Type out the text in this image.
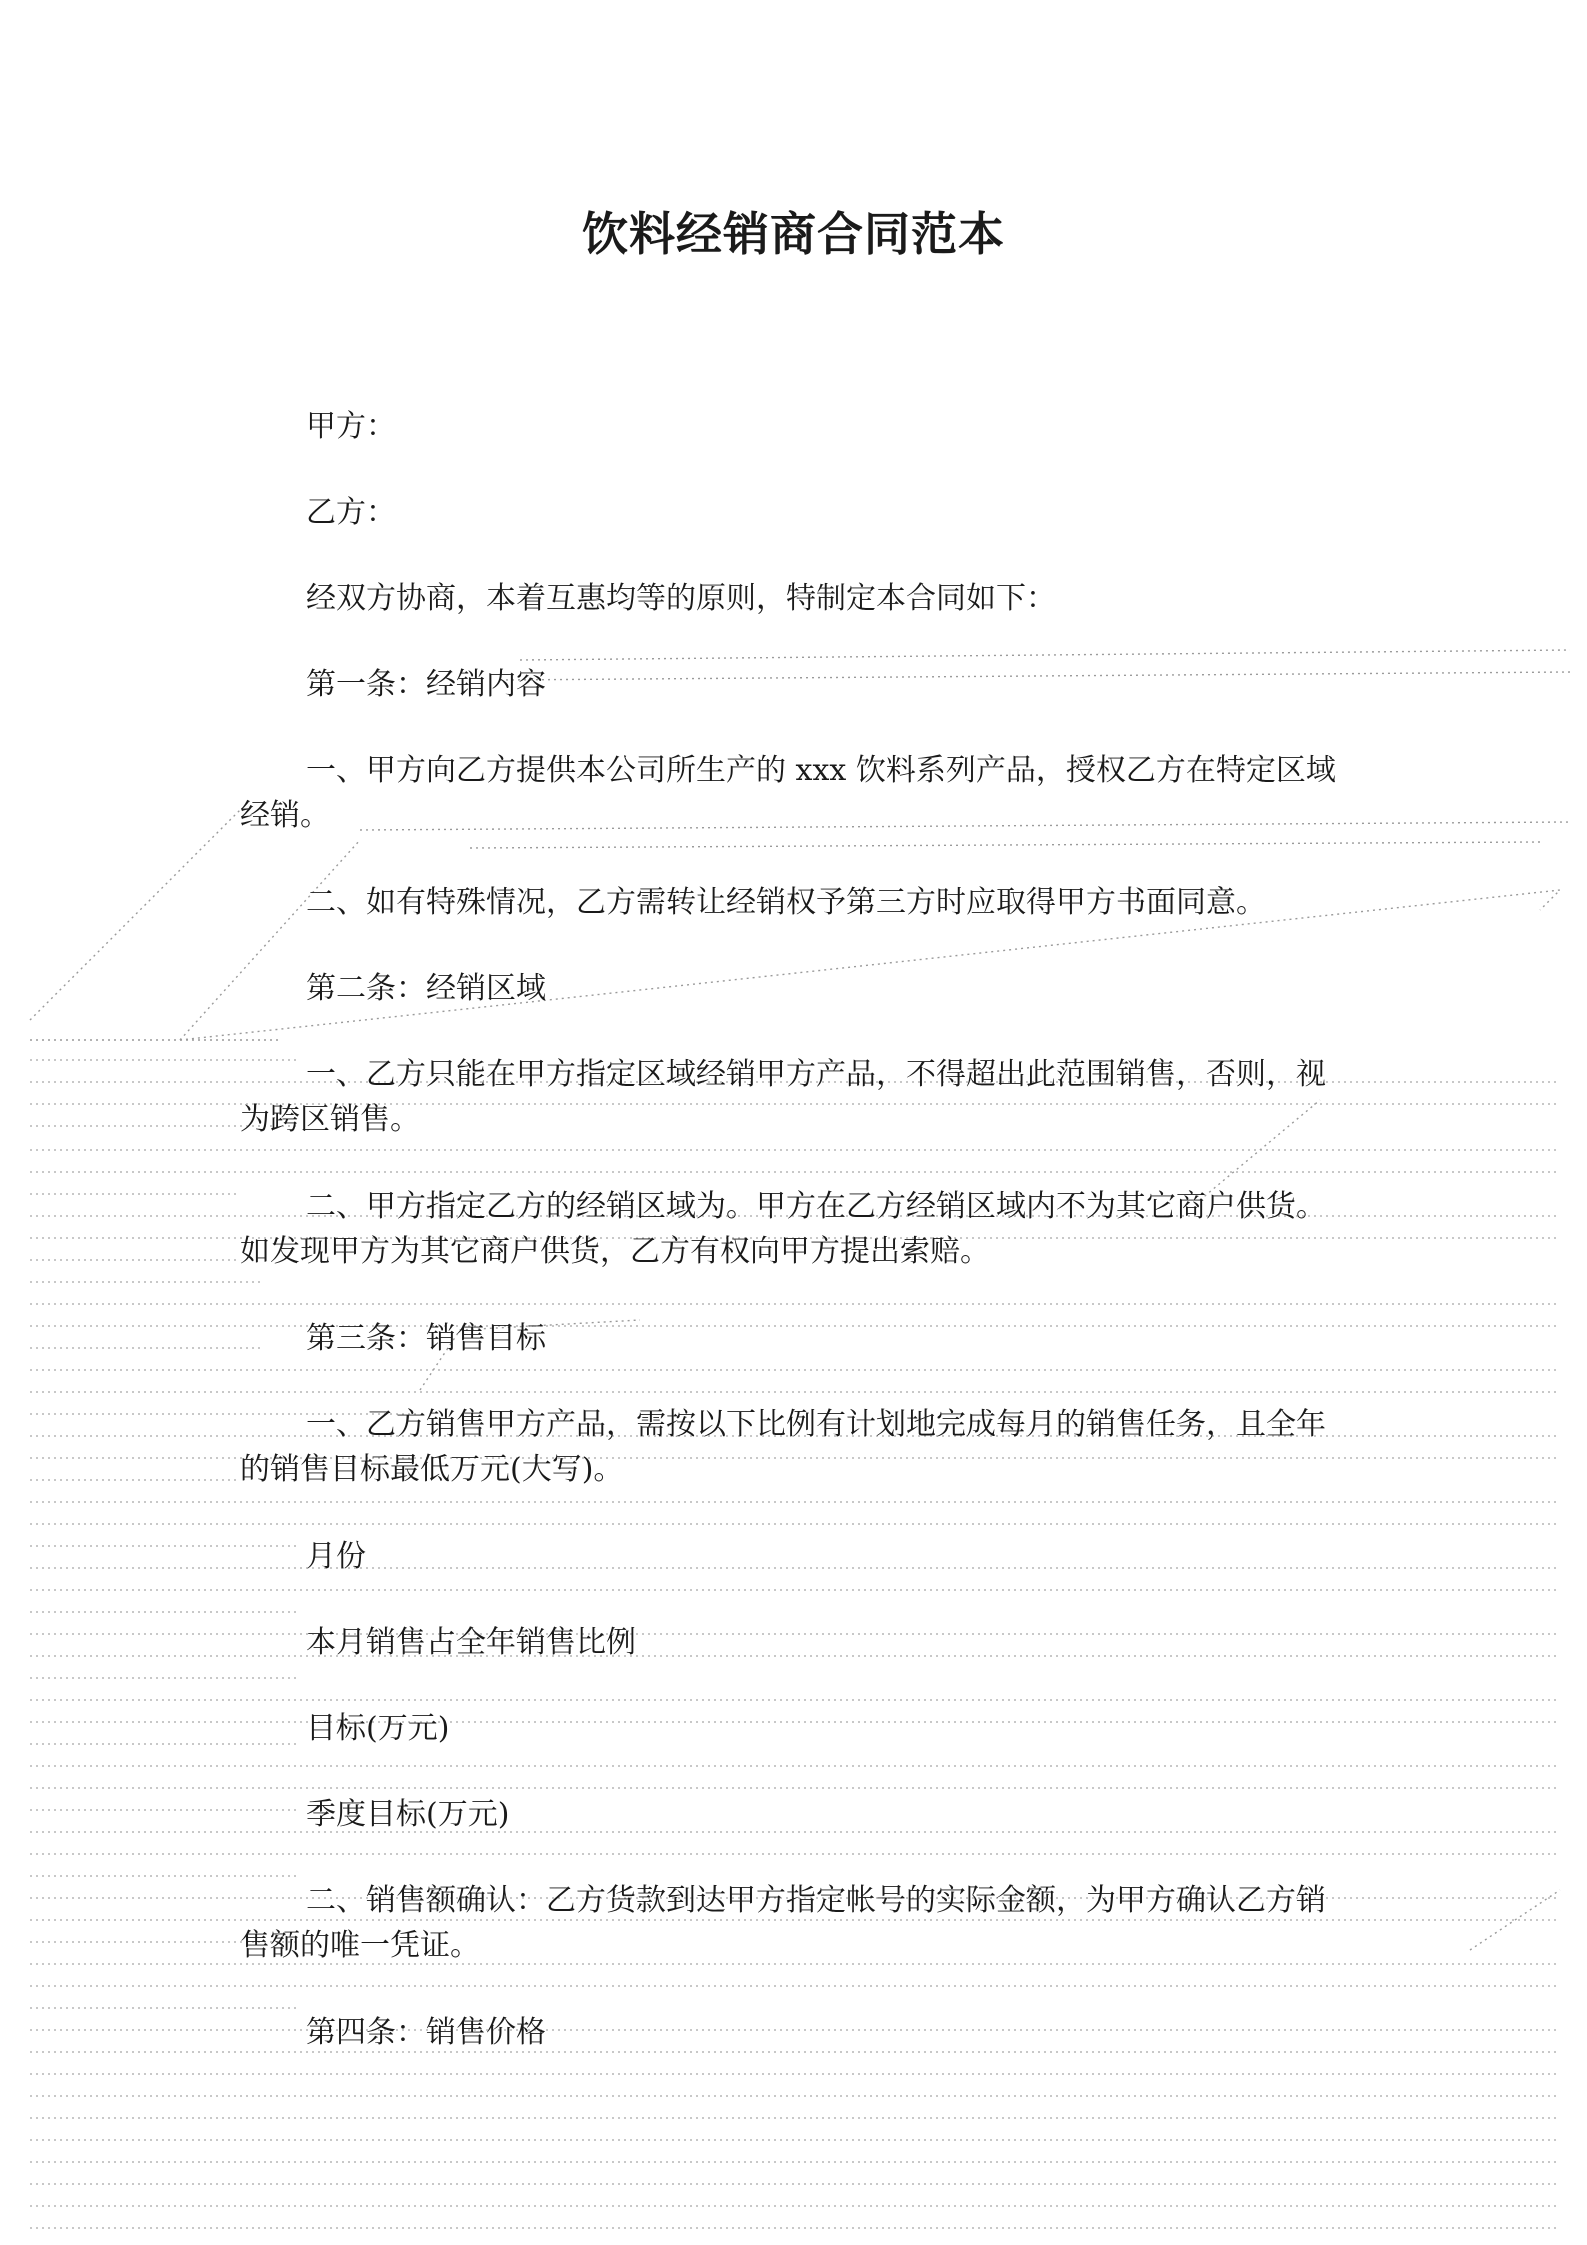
饮料经销商合同范本
甲方：
乙方：
经双方协商，本着互惠均等的原则，特制定本合同如下：
第一条：经销内容
一、甲方向乙方提供本公司所生产的 xxx 饮料系列产品，授权乙方在特定区域经销。
二、如有特殊情况，乙方需转让经销权予第三方时应取得甲方书面同意。
第二条：经销区域
一、乙方只能在甲方指定区域经销甲方产品，不得超出此范围销售，否则，视为跨区销售。
二、甲方指定乙方的经销区域为。甲方在乙方经销区域内不为其它商户供货。如发现甲方为其它商户供货，乙方有权向甲方提出索赔。
第三条：销售目标
一、乙方销售甲方产品，需按以下比例有计划地完成每月的销售任务，且全年的销售目标最低万元(大写)。
月份
本月销售占全年销售比例
目标(万元)
季度目标(万元)
二、销售额确认：乙方货款到达甲方指定帐号的实际金额，为甲方确认乙方销售额的唯一凭证。
第四条：销售价格
